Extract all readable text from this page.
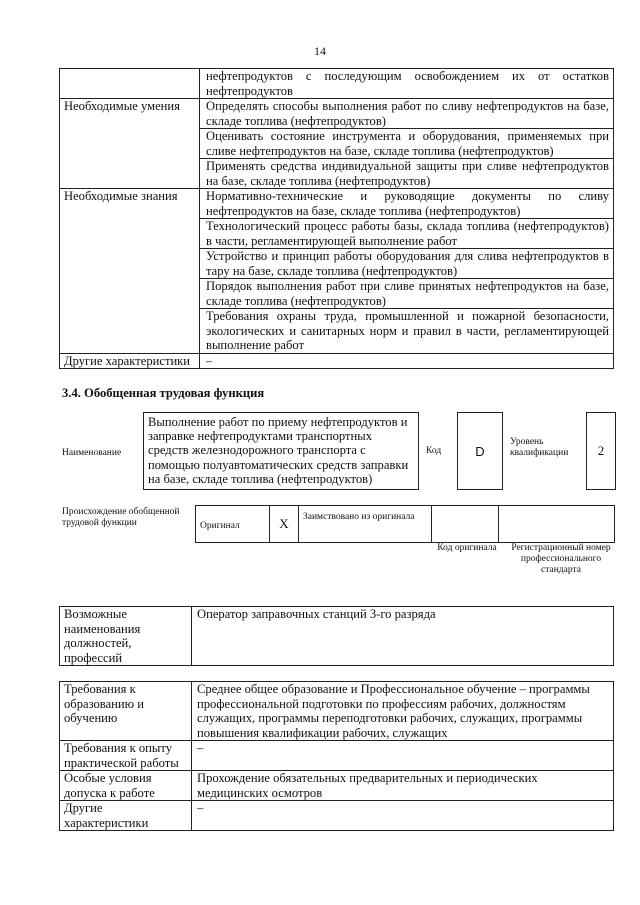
14
	нефтепродуктов с последующим освобождением их от остатков нефтепродуктов
Необходимые умения	Определять способы выполнения работ по сливу нефтепродуктов на базе, складе топлива (нефтепродуктов)
	Оценивать состояние инструмента и оборудования, применяемых при сливе нефтепродуктов на базе, складе топлива (нефтепродуктов)
	Применять средства индивидуальной защиты при сливе нефтепродуктов на базе, складе топлива (нефтепродуктов)
Необходимые знания	Нормативно-технические и руководящие документы по сливу нефтепродуктов на базе, складе топлива (нефтепродуктов)
	Технологический процесс работы базы, склада топлива (нефтепродуктов) в части, регламентирующей выполнение работ
	Устройство и принцип работы оборудования для слива нефтепродуктов в тару на базе, складе топлива (нефтепродуктов)
	Порядок выполнения работ при сливе принятых нефтепродуктов на базе, складе топлива (нефтепродуктов)
	Требования охраны труда, промышленной и пожарной безопасности, экологических и санитарных норм и правил в части, регламентирующей выполнение работ
Другие характеристики	–
3.4. Обобщенная трудовая функция
Наименование
Выполнение работ по приему нефтепродуктов и заправке нефтепродуктами транспортных средств железнодорожного транспорта с помощью полуавтоматических средств заправки на базе, складе топлива (нефтепродуктов)
Код	D
Уровень квалификации	2
Происхождение обобщенной трудовой функции	Оригинал	X	Заимствовано из оригинала

Код оригинала	Регистрационный номер профессионального стандарта
Возможные наименования должностей, профессий	Оператор заправочных станций 3-го разряда
Требования к образованию и обучению	Среднее общее образование и Профессиональное обучение – программы профессиональной подготовки по профессиям рабочих, должностям служащих, программы переподготовки рабочих, служащих, программы повышения квалификации рабочих, служащих
Требования к опыту практической работы	–
Особые условия допуска к работе	Прохождение обязательных предварительных и периодических медицинских осмотров
Другие характеристики	–
